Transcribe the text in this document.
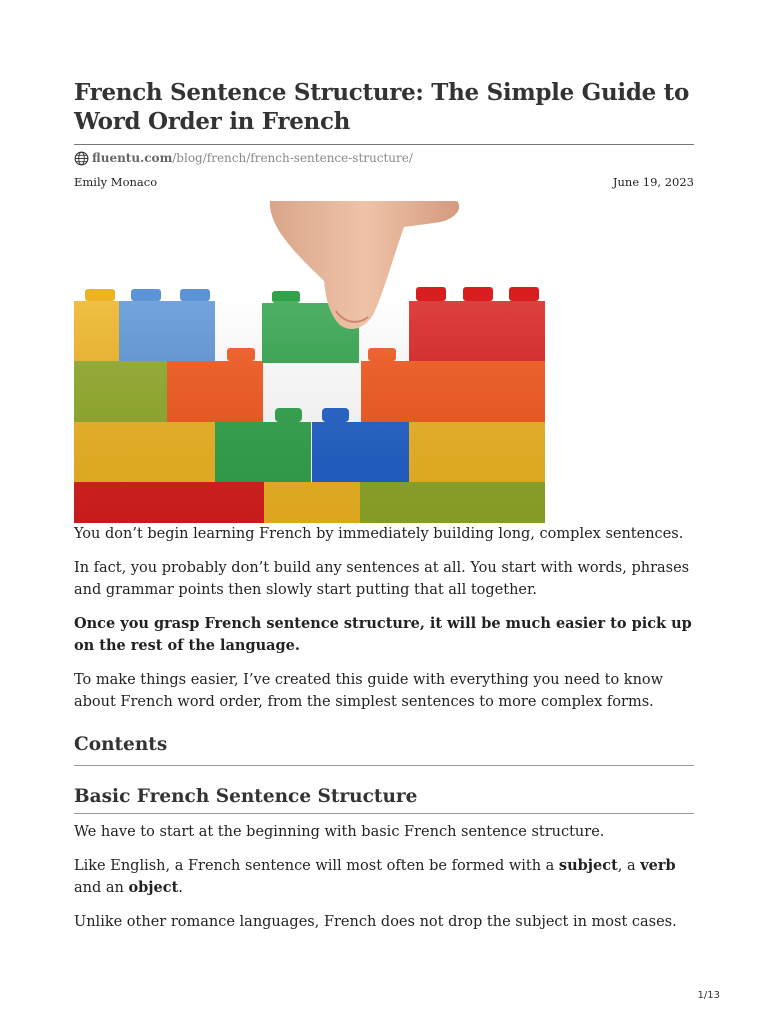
French Sentence Structure: The Simple Guide to Word Order in French
fluentu.com /blog/french/french-sentence-structure/
Emily Monaco	June 19, 2023

You don’t begin learning French by immediately building long, complex sentences.

In fact, you probably don’t build any sentences at all. You start with words, phrases and grammar points then slowly start putting that all together.

Once you grasp French sentence structure, it will be much easier to pick up on the rest of the language.

To make things easier, I’ve created this guide with everything you need to know about French word order, from the simplest sentences to more complex forms.

Contents
Basic French Sentence Structure

We have to start at the beginning with basic French sentence structure.

Like English, a French sentence will most often be formed with a subject, a verb and an object.

Unlike other romance languages, French does not drop the subject in most cases.

1/13
